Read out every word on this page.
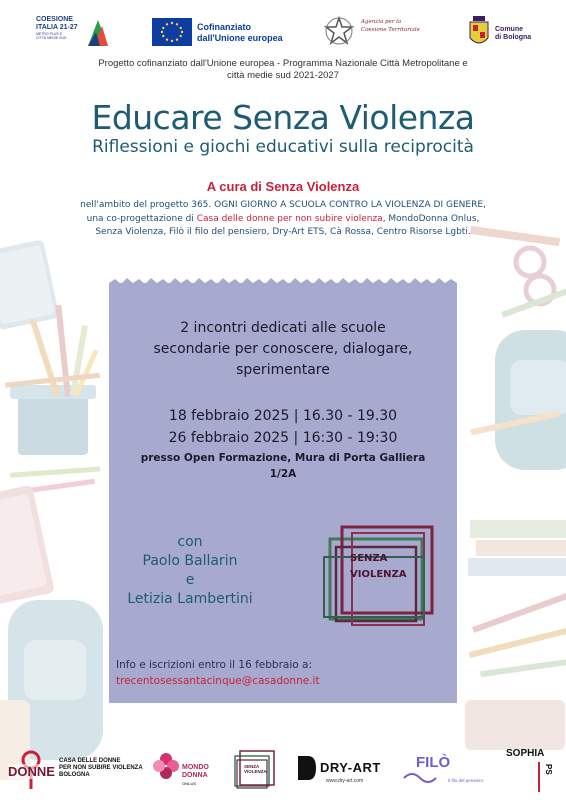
COESIONE
ITALIA 21-27
METRO PLUS E
CITTÀ MEDIE SUD
Cofinanziato
dall'Unione europea
Agenzia per la
Coesione Territoriale	Comune
di Bologna
Progetto cofinanziato dall'Unione europea - Programma Nazionale Città Metropolitane e
città medie sud 2021-2027
Educare Senza Violenza
Riflessioni e giochi educativi sulla reciprocità
A cura di Senza Violenza
nell'ambito del progetto 365. OGNI GIORNO A SCUOLA CONTRO LA VIOLENZA DI GENERE,
una co-progettazione di Casa delle donne per non subire violenza, MondoDonna Onlus,
Senza Violenza, Filò il filo del pensiero, Dry-Art ETS, Cà Rossa, Centro Risorse Lgbti.
2 incontri dedicati alle scuole
secondarie per conoscere, dialogare,
sperimentare
18 febbraio 2025 | 16.30 - 19.30
26 febbraio 2025 | 16:30 - 19:30
presso Open Formazione, Mura di Porta Galliera
1/2A
con
Paolo Ballarin
e
Letizia Lambertini
SENZA
VIOLENZA
Info e iscrizioni entro il 16 febbraio a:
trecentosessantacinque@casadonne.it
DONNE
CASA DELLE DONNE
PER NON SUBIRE VIOLENZA
BOLOGNA
MONDO
DONNA
ONLUS
SENZA
VIOLENZA	DRY-ART
www.dry-art.com
FILÒ
Il filo del pensiero
SOPHIA
PS
